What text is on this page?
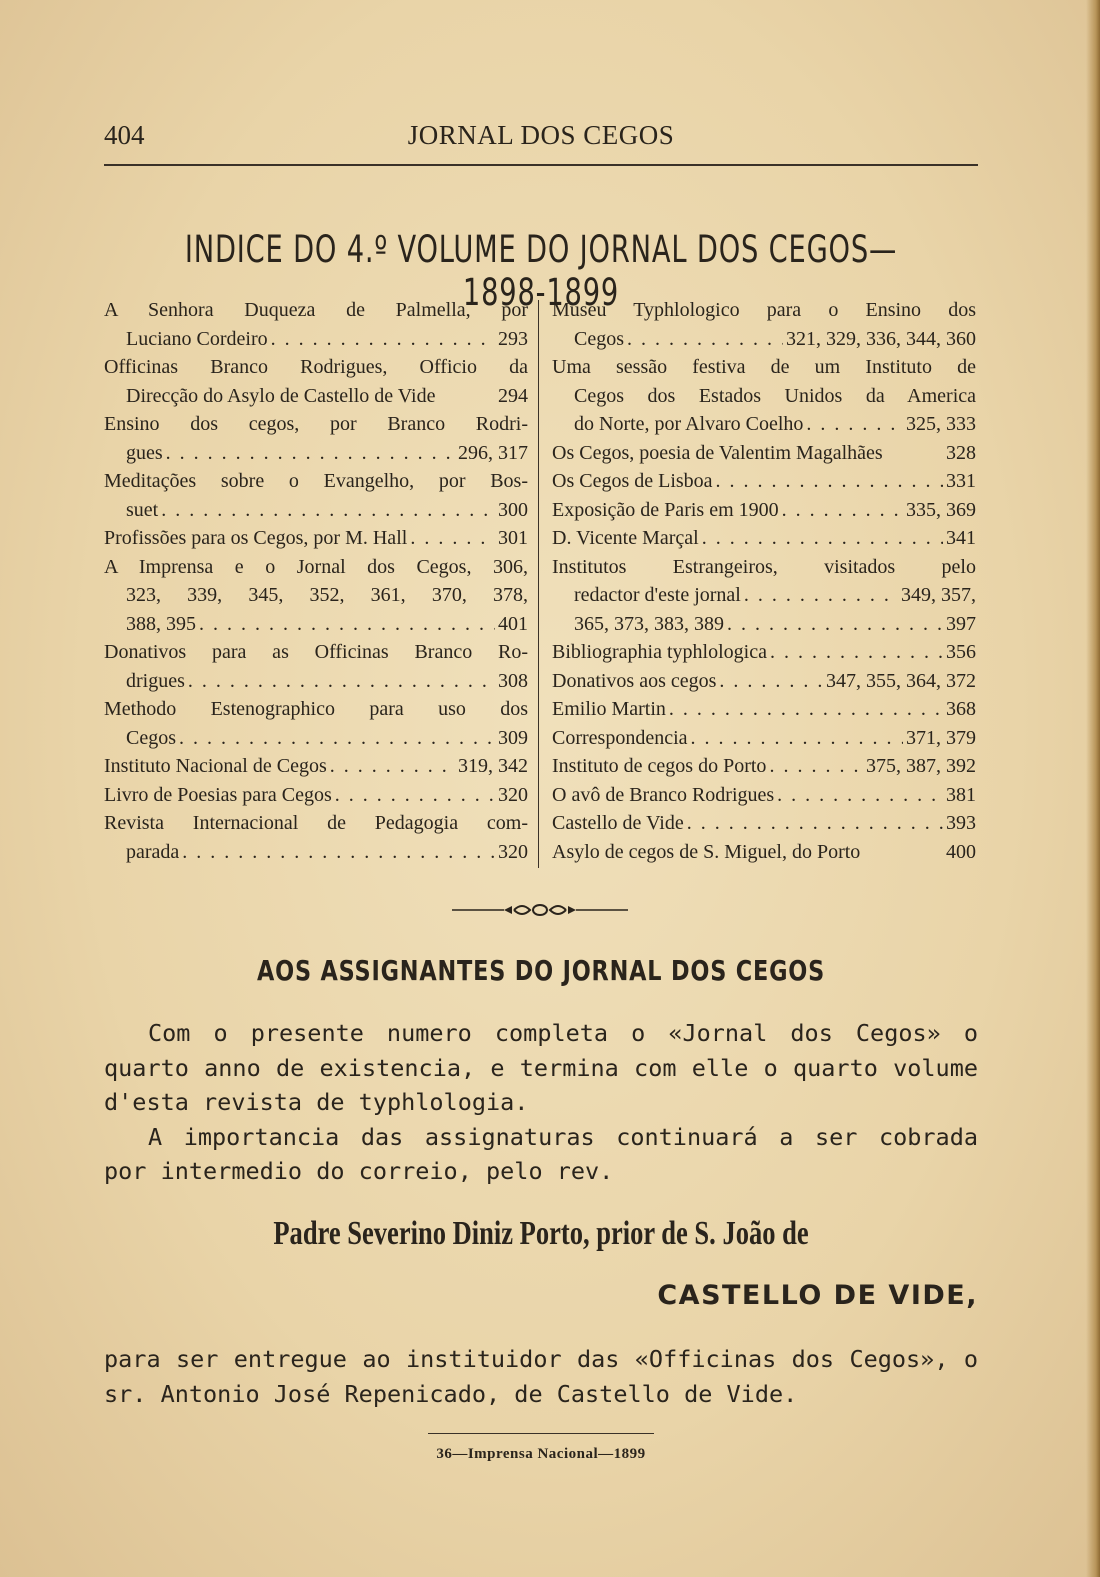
404	JORNAL DOS CEGOS
INDICE DO 4.º VOLUME DO JORNAL DOS CEGOS—1898-1899
A Senhora Duqueza de Palmella, por
Luciano Cordeiro . . .	293
Officinas Branco Rodrigues, Officio da
Direcção do Asylo de Castello de Vide	294
Ensino dos cegos, por Branco Rodri-
gues . . .	296, 317
Meditações sobre o Evangelho, por Bos-
suet . . .	300
Profissões para os Cegos, por M. Hall . . .	301
A Imprensa e o Jornal dos Cegos, 306,
323, 339, 345, 352, 361, 370, 378,
388, 395 . . .	401
Donativos para as Officinas Branco Ro-
drigues . . .	308
Methodo Estenographico para uso dos
Cegos . . .	309
Instituto Nacional de Cegos . . .	319, 342
Livro de Poesias para Cegos . . .	320
Revista Internacional de Pedagogia com-
parada . . .	320
Museu Typhlologico para o Ensino dos
Cegos . . .	321, 329, 336, 344, 360
Uma sessão festiva de um Instituto de
Cegos dos Estados Unidos da America
do Norte, por Alvaro Coelho . . .	325, 333
Os Cegos, poesia de Valentim Magalhães	328
Os Cegos de Lisboa . . .	331
Exposição de Paris em 1900 . . .	335, 369
D. Vicente Marçal . . .	341
Institutos Estrangeiros, visitados pelo
redactor d'este jornal . . .	349, 357,
365, 373, 383, 389 . . .	397
Bibliographia typhlologica . . .	356
Donativos aos cegos . . .	347, 355, 364, 372
Emilio Martin . . .	368
Correspondencia . . .	371, 379
Instituto de cegos do Porto . . .	375, 387, 392
O avô de Branco Rodrigues . . .	381
Castello de Vide . . .	393
Asylo de cegos de S. Miguel, do Porto	400
AOS ASSIGNANTES DO JORNAL DOS CEGOS

Com o presente numero completa o «Jornal dos Cegos» o quarto anno de existencia, e termina com elle o quarto volume d'esta revista de typhlologia.

A importancia das assignaturas continuará a ser cobrada por intermedio do correio, pelo rev.

Padre Severino Diniz Porto, prior de S. João de
CASTELLO DE VIDE,

para ser entregue ao instituidor das «Officinas dos Cegos», o sr. Antonio José Repenicado, de Castello de Vide.

36—Imprensa Nacional—1899
